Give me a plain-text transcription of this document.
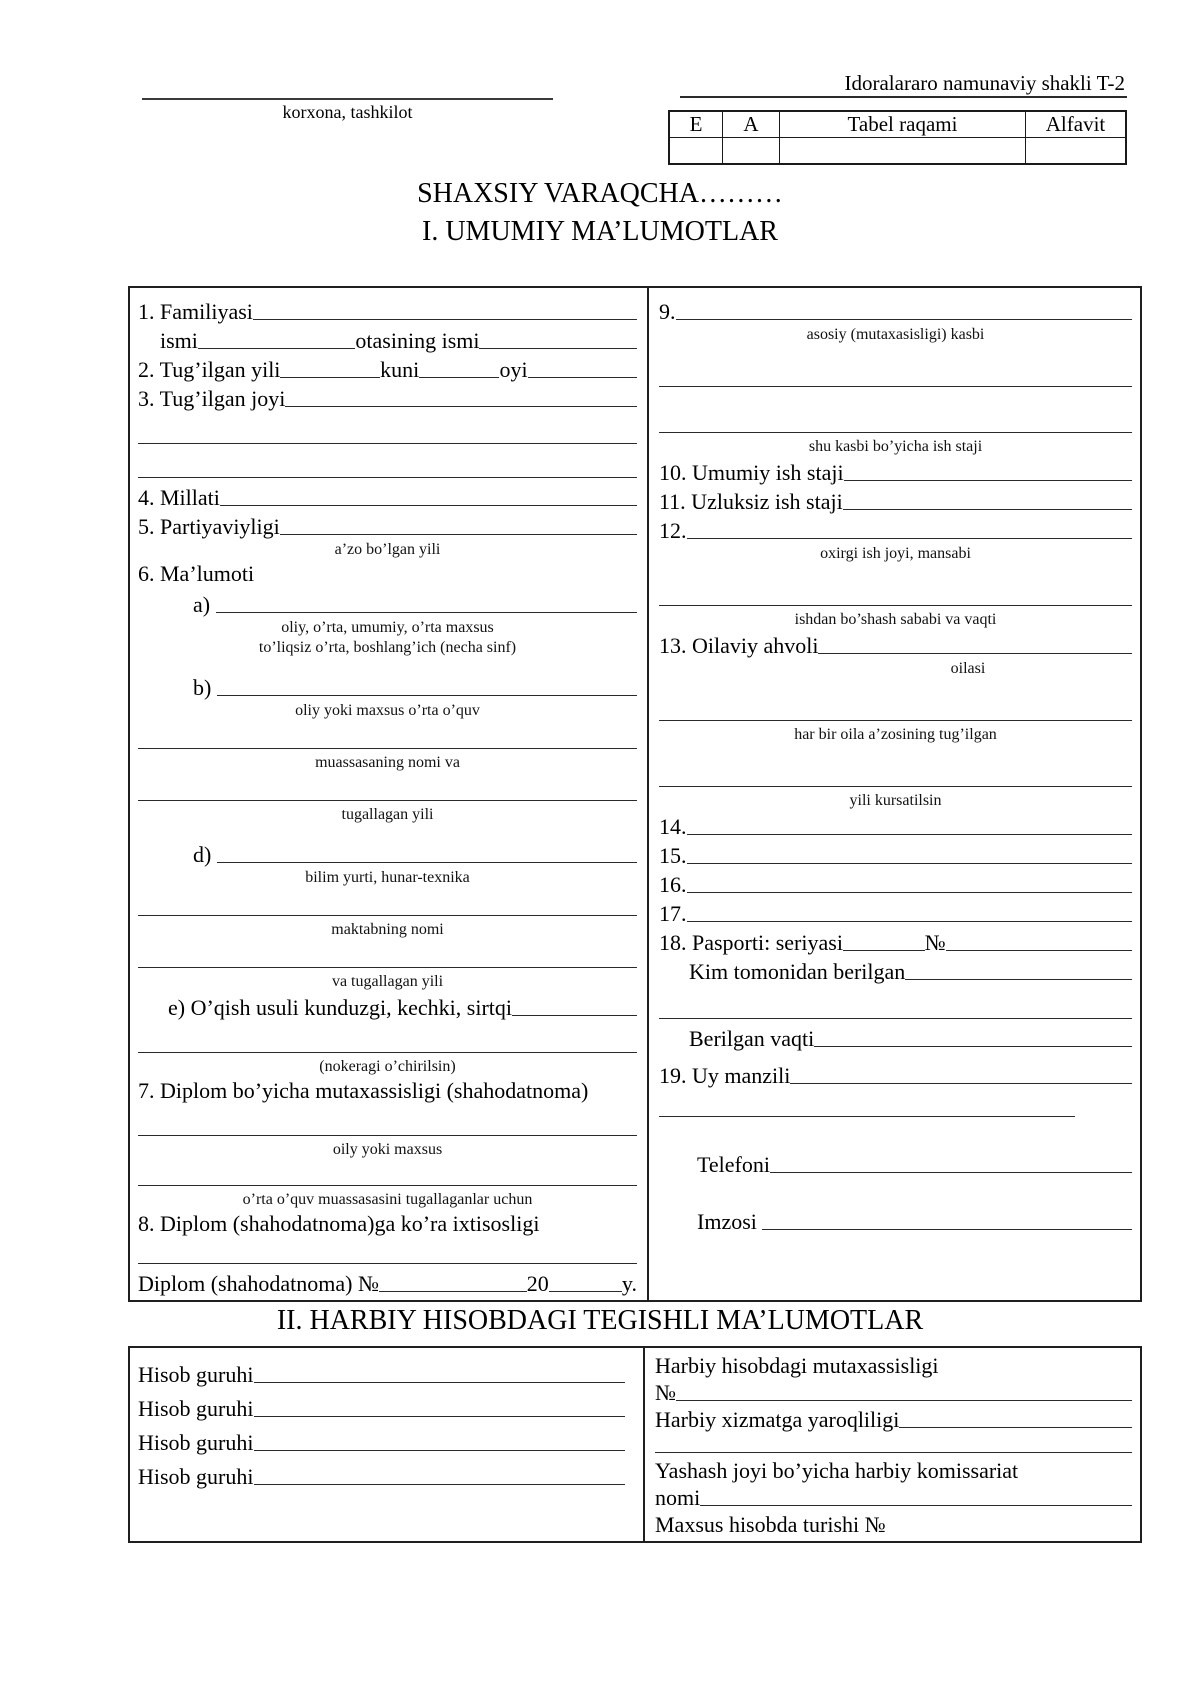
korxona, tashkilot
Idoralararo namunaviy shakli T-2
E	A	Tabel raqami	Alfavit
SHAXSIY VARAQCHA………
I. UMUMIY MA’LUMOTLAR
1. Familiyasi
ismi	otasining ismi
2. Tug’ilgan yili	kuni	oyi
3. Tug’ilgan joyi
4. Millati
5. Partiyaviyligi
a’zo bo’lgan yili
6. Ma’lumoti
a)
oliy, o’rta, umumiy, o’rta maxsus
to’liqsiz o’rta, boshlang’ich (necha sinf)
b)
oliy yoki maxsus o’rta o’quv
muassasaning nomi va
tugallagan yili
d)
bilim yurti, hunar-texnika
maktabning nomi
va tugallagan yili
e) O’qish usuli kunduzgi, kechki, sirtqi
(nokeragi o’chirilsin)
7. Diplom bo’yicha mutaxassisligi (shahodatnoma)
oily yoki maxsus
o’rta o’quv muassasasini tugallaganlar uchun
8. Diplom (shahodatnoma)ga ko’ra ixtisosligi
Diplom (shahodatnoma) №	20	y.
9.
asosiy (mutaxasisligi) kasbi
shu kasbi bo’yicha ish staji
10. Umumiy ish staji
11. Uzluksiz ish staji
12.
oxirgi ish joyi, mansabi
ishdan bo’shash sababi va vaqti
13. Oilaviy ahvoli
oilasi
har bir oila a’zosining tug’ilgan
yili kursatilsin
14.
15.
16.
17.
18. Pasporti: seriyasi	№
Kim tomonidan berilgan
Berilgan vaqti
19. Uy manzili
Telefoni
Imzosi
II. HARBIY HISOBDAGI TEGISHLI MA’LUMOTLAR
Hisob guruhi
Hisob guruhi
Hisob guruhi
Hisob guruhi
Harbiy hisobdagi mutaxassisligi
№
Harbiy xizmatga yaroqliligi
Yashash joyi bo’yicha harbiy komissariat
nomi
Maxsus hisobda turishi №
